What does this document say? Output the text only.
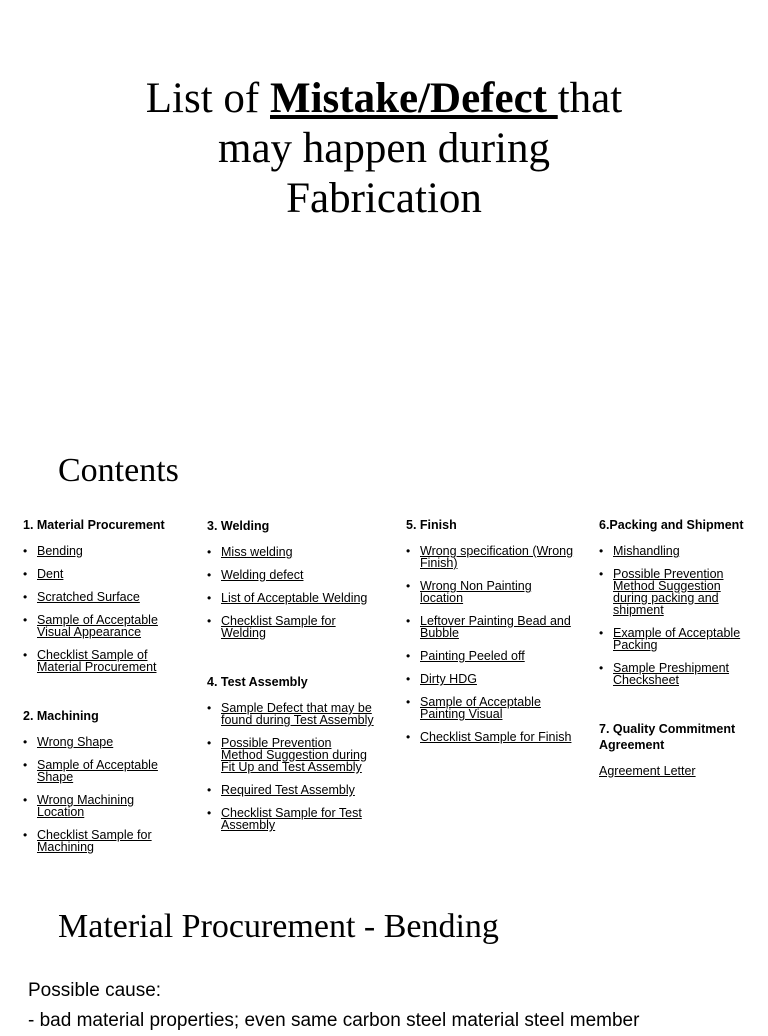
List of Mistake/Defect that
may happen during
Fabrication
Contents
1. Material Procurement
• Bending
• Dent
• Scratched Surface
• Sample of Acceptable Visual Appearance
• Checklist Sample of Material Procurement
2. Machining
• Wrong Shape
• Sample of Acceptable Shape
• Wrong Machining Location
• Checklist Sample for Machining
3. Welding
• Miss welding
• Welding defect
• List of Acceptable Welding
• Checklist Sample for Welding
4. Test Assembly
• Sample Defect that may be found during Test Assembly
• Possible Prevention Method Suggestion during Fit Up and Test Assembly
• Required Test Assembly
• Checklist Sample for Test Assembly
5. Finish
• Wrong specification (Wrong Finish)
• Wrong Non Painting location
• Leftover Painting Bead and Bubble
• Painting Peeled off
• Dirty HDG
• Sample of Acceptable Painting Visual
• Checklist Sample for Finish
6.Packing and Shipment
• Mishandling
• Possible Prevention Method Suggestion during packing and shipment
• Example of Acceptable Packing
• Sample Preshipment Checksheet
7. Quality Commitment Agreement
Agreement Letter
Material Procurement - Bending
Possible cause:
- bad material properties; even same carbon steel material steel member
